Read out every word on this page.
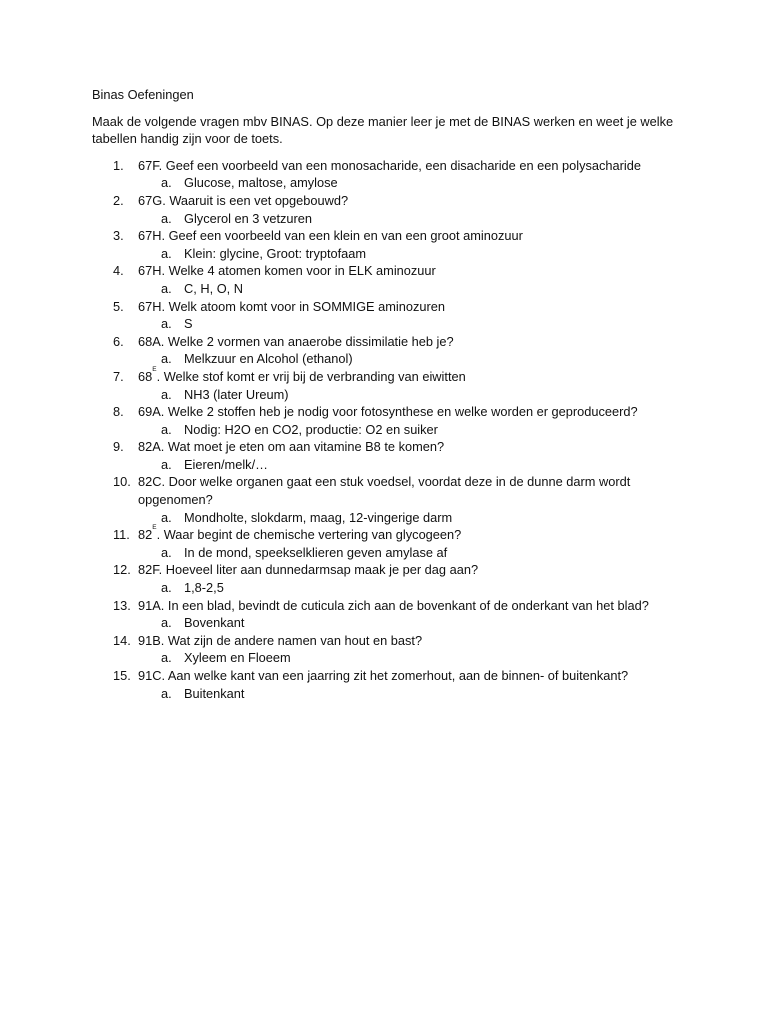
Binas Oefeningen

Maak de volgende vragen mbv BINAS. Op deze manier leer je met de BINAS werken en weet je welke tabellen handig zijn voor de toets.

1. 67F. Geef een voorbeeld van een monosacharide, een disacharide en een polysacharide
a. Glucose, maltose, amylose
2. 67G. Waaruit is een vet opgebouwd?
a. Glycerol en 3 vetzuren
3. 67H. Geef een voorbeeld van een klein en van een groot aminozuur
a. Klein: glycine, Groot: tryptofaam
4. 67H. Welke 4 atomen komen voor in ELK aminozuur
a. C, H, O, N
5. 67H. Welk atoom komt voor in SOMMIGE aminozuren
a. S
6. 68A. Welke 2 vormen van anaerobe dissimilatie heb je?
a. Melkzuur en Alcohol (ethanol)
7. $68^E$. Welke stof komt er vrij bij de verbranding van eiwitten
a. NH3 (later Ureum)
8. 69A. Welke 2 stoffen heb je nodig voor fotosynthese en welke worden er geproduceerd?
a. Nodig: H2O en CO2, productie: O2 en suiker
9. 82A. Wat moet je eten om aan vitamine B8 te komen?
a. Eieren/melk/…
10. 82C. Door welke organen gaat een stuk voedsel, voordat deze in de dunne darm wordt opgenomen?
a. Mondholte, slokdarm, maag, 12-vingerige darm
11. $82^E$. Waar begint de chemische vertering van glycogeen?
a. In de mond, speekselklieren geven amylase af
12. 82F. Hoeveel liter aan dunnedarmsap maak je per dag aan?
a. 1,8-2,5
13. 91A. In een blad, bevindt de cuticula zich aan de bovenkant of de onderkant van het blad?
a. Bovenkant
14. 91B. Wat zijn de andere namen van hout en bast?
a. Xyleem en Floeem
15. 91C. Aan welke kant van een jaarring zit het zomerhout, aan de binnen- of buitenkant?
a. Buitenkant
